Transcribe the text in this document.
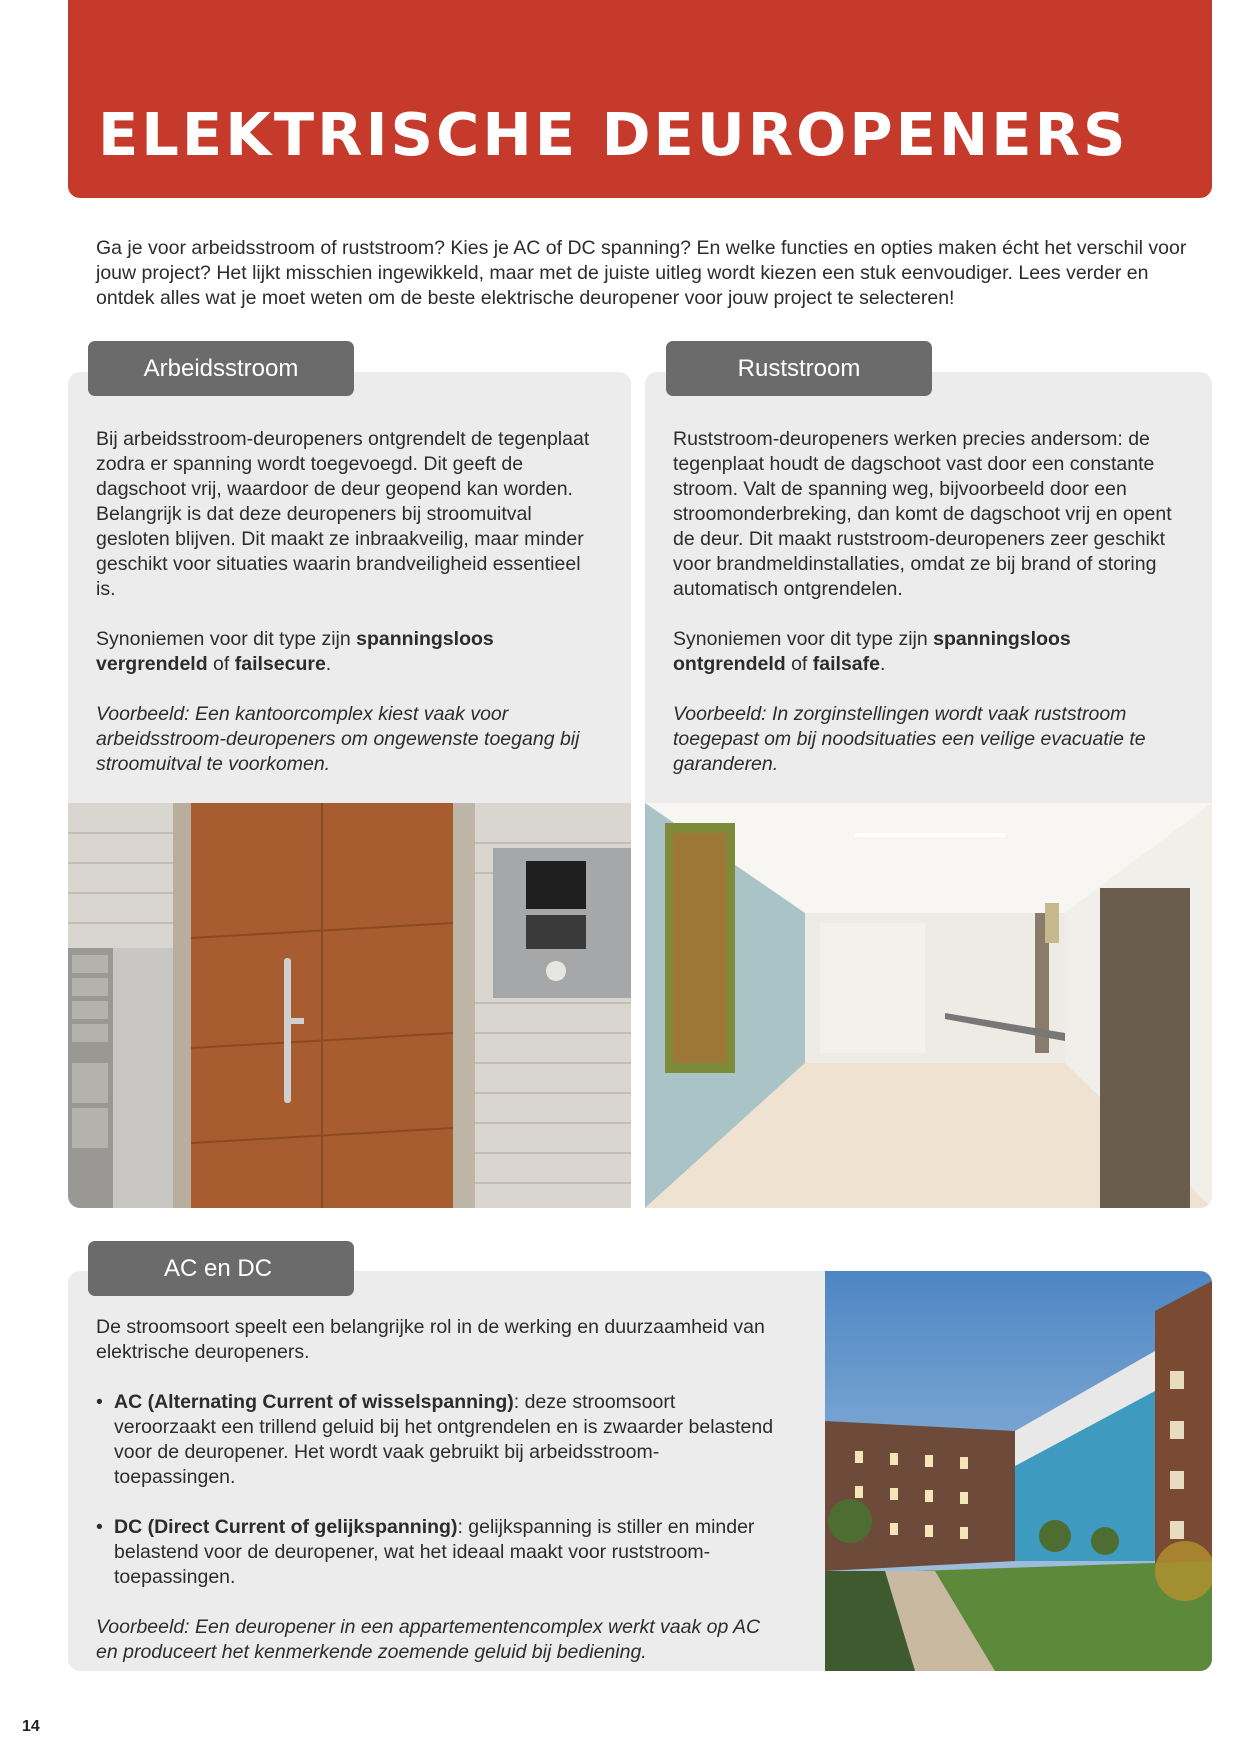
ELEKTRISCHE DEUROPENERS

Ga je voor arbeidsstroom of ruststroom? Kies je AC of DC spanning? En welke functies en opties maken écht het verschil voor jouw project? Het lijkt misschien ingewikkeld, maar met de juiste uitleg wordt kiezen een stuk eenvoudiger. Lees verder en ontdek alles wat je moet weten om de beste elektrische deuropener voor jouw project te selecteren!

Arbeidsstroom

Bij arbeidsstroom-deuropeners ontgrendelt de tegenplaat zodra er spanning wordt toegevoegd. Dit geeft de dagschoot vrij, waardoor de deur geopend kan worden. Belangrijk is dat deze deuropeners bij stroomuitval gesloten blijven. Dit maakt ze inbraakveilig, maar minder geschikt voor situaties waarin brandveiligheid essentieel is.

Synoniemen voor dit type zijn spanningsloos vergrendeld of failsecure.

Voorbeeld: Een kantoorcomplex kiest vaak voor arbeidsstroom-deuropeners om ongewenste toegang bij stroomuitval te voorkomen.

Ruststroom

Ruststroom-deuropeners werken precies andersom: de tegenplaat houdt de dagschoot vast door een constante stroom. Valt de spanning weg, bijvoorbeeld door een stroomonderbreking, dan komt de dagschoot vrij en opent de deur. Dit maakt ruststroom-deuropeners zeer geschikt voor brandmeldinstallaties, omdat ze bij brand of storing automatisch ontgrendelen.

Synoniemen voor dit type zijn spanningsloos ontgrendeld of failsafe.

Voorbeeld: In zorginstellingen wordt vaak ruststroom toegepast om bij noodsituaties een veilige evacuatie te garanderen.

AC en DC

De stroomsoort speelt een belangrijke rol in de werking en duurzaamheid van elektrische deuropeners.

• AC (Alternating Current of wisselspanning): deze stroomsoort veroorzaakt een trillend geluid bij het ontgrendelen en is zwaarder belastend voor de deuropener. Het wordt vaak gebruikt bij arbeidsstroom-toepassingen.
• DC (Direct Current of gelijkspanning): gelijkspanning is stiller en minder belastend voor de deuropener, wat het ideaal maakt voor ruststroom-toepassingen.

Voorbeeld: Een deuropener in een appartementencomplex werkt vaak op AC en produceert het kenmerkende zoemende geluid bij bediening.

14
